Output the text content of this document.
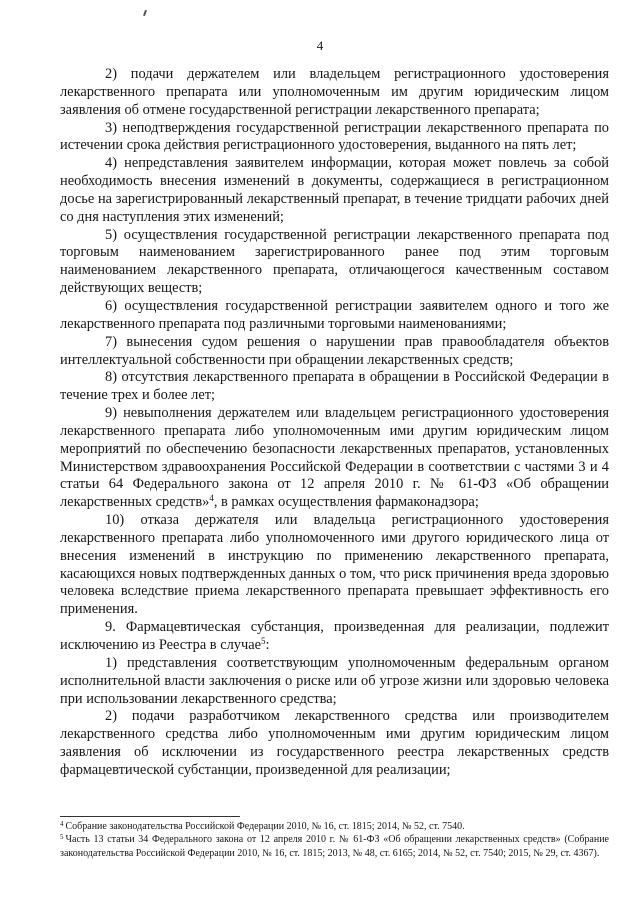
4

2) подачи держателем или владельцем регистрационного удостоверения лекарственного препарата или уполномоченным им другим юридическим лицом заявления об отмене государственной регистрации лекарственного препарата;

3) неподтверждения государственной регистрации лекарственного препарата по истечении срока действия регистрационного удостоверения, выданного на пять лет;

4) непредставления заявителем информации, которая может повлечь за собой необходимость внесения изменений в документы, содержащиеся в регистрационном досье на зарегистрированный лекарственный препарат, в течение тридцати рабочих дней со дня наступления этих изменений;

5) осуществления государственной регистрации лекарственного препарата под торговым наименованием зарегистрированного ранее под этим торговым наименованием лекарственного препарата, отличающегося качественным составом действующих веществ;

6) осуществления государственной регистрации заявителем одного и того же лекарственного препарата под различными торговыми наименованиями;

7) вынесения судом решения о нарушении прав правообладателя объектов интеллектуальной собственности при обращении лекарственных средств;

8) отсутствия лекарственного препарата в обращении в Российской Федерации в течение трех и более лет;

9) невыполнения держателем или владельцем регистрационного удостоверения лекарственного препарата либо уполномоченным ими другим юридическим лицом мероприятий по обеспечению безопасности лекарственных препаратов, установленных Министерством здравоохранения Российской Федерации в соответствии с частями 3 и 4 статьи 64 Федерального закона от 12 апреля 2010 г. № 61-ФЗ «Об обращении лекарственных средств»$^4$, в рамках осуществления фармаконадзора;

10) отказа держателя или владельца регистрационного удостоверения лекарственного препарата либо уполномоченного ими другого юридического лица от внесения изменений в инструкцию по применению лекарственного препарата, касающихся новых подтвержденных данных о том, что риск причинения вреда здоровью человека вследствие приема лекарственного препарата превышает эффективность его применения.

9. Фармацевтическая субстанция, произведенная для реализации, подлежит исключению из Реестра в случае$^5$:

1) представления соответствующим уполномоченным федеральным органом исполнительной власти заключения о риске или об угрозе жизни или здоровью человека при использовании лекарственного средства;

2) подачи разработчиком лекарственного средства или производителем лекарственного средства либо уполномоченным ими другим юридическим лицом заявления об исключении из государственного реестра лекарственных средств фармацевтической субстанции, произведенной для реализации;

$^4$ Собрание законодательства Российской Федерации 2010, № 16, ст. 1815; 2014, № 52, ст. 7540.

$^5$ Часть 13 статьи 34 Федерального закона от 12 апреля 2010 г. № 61-ФЗ «Об обращении лекарственных средств» (Собрание законодательства Российской Федерации 2010, № 16, ст. 1815; 2013, № 48, ст. 6165; 2014, № 52, ст. 7540; 2015, № 29, ст. 4367).
